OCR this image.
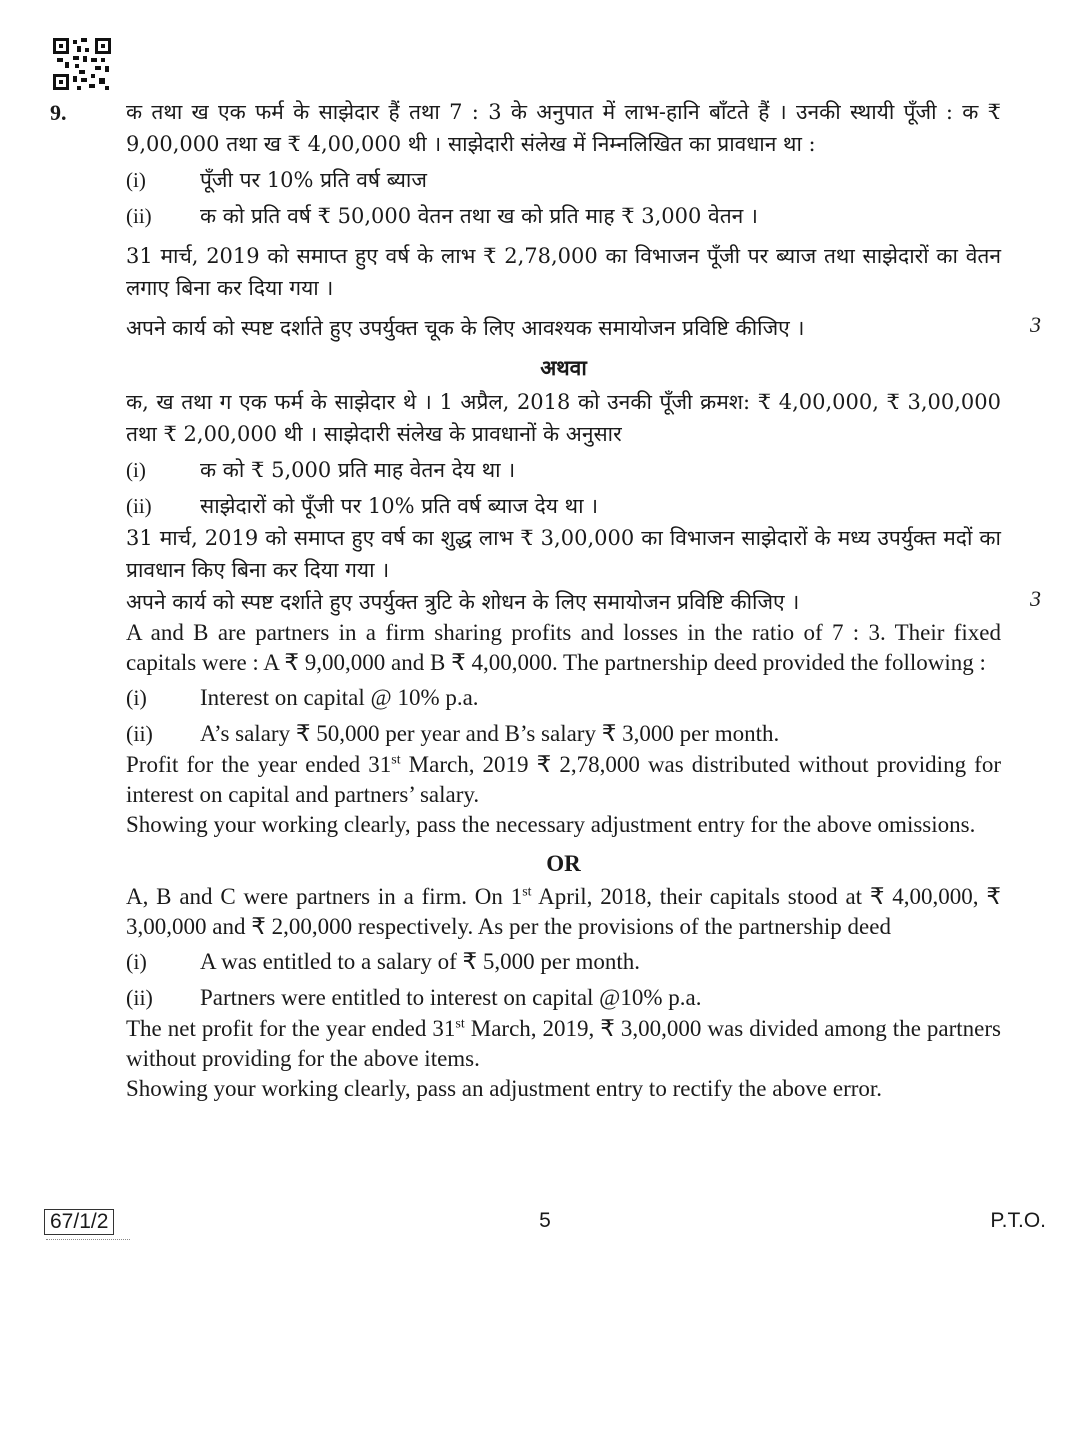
9.	क तथा ख एक फर्म के साझेदार हैं तथा 7 : 3 के अनुपात में लाभ-हानि बाँटते हैं । उनकी स्थायी पूँजी : क ₹ 9,00,000 तथा ख ₹ 4,00,000 थी । साझेदारी संलेख में निम्नलिखित का प्रावधान था :

(i)	पूँजी पर 10% प्रति वर्ष ब्याज
(ii)	क को प्रति वर्ष ₹ 50,000 वेतन तथा ख को प्रति माह ₹ 3,000 वेतन ।

31 मार्च, 2019 को समाप्त हुए वर्ष के लाभ ₹ 2,78,000 का विभाजन पूँजी पर ब्याज तथा साझेदारों का वेतन लगाए बिना कर दिया गया ।

अपने कार्य को स्पष्ट दर्शाते हुए उपर्युक्त चूक के लिए आवश्यक समायोजन प्रविष्टि कीजिए ।	3
अथवा

क, ख तथा ग एक फर्म के साझेदार थे । 1 अप्रैल, 2018 को उनकी पूँजी क्रमश: ₹ 4,00,000, ₹ 3,00,000 तथा ₹ 2,00,000 थी । साझेदारी संलेख के प्रावधानों के अनुसार

(i)	क को ₹ 5,000 प्रति माह वेतन देय था ।
(ii)	साझेदारों को पूँजी पर 10% प्रति वर्ष ब्याज देय था ।

31 मार्च, 2019 को समाप्त हुए वर्ष का शुद्ध लाभ ₹ 3,00,000 का विभाजन साझेदारों के मध्य उपर्युक्त मदों का प्रावधान किए बिना कर दिया गया ।

अपने कार्य को स्पष्ट दर्शाते हुए उपर्युक्त त्रुटि के शोधन के लिए समायोजन प्रविष्टि कीजिए ।	3

A and B are partners in a firm sharing profits and losses in the ratio of 7 : 3. Their fixed capitals were : A ₹ 9,00,000 and B ₹ 4,00,000. The partnership deed provided the following :

(i)	Interest on capital @ 10% p.a.
(ii)	A’s salary ₹ 50,000 per year and B’s salary ₹ 3,000 per month.

Profit for the year ended 31st March, 2019 ₹ 2,78,000 was distributed without providing for interest on capital and partners’ salary.

Showing your working clearly, pass the necessary adjustment entry for the above omissions.

OR

A, B and C were partners in a firm. On 1st April, 2018, their capitals stood at ₹ 4,00,000, ₹ 3,00,000 and ₹ 2,00,000 respectively. As per the provisions of the partnership deed

(i)	A was entitled to a salary of ₹ 5,000 per month.
(ii)	Partners were entitled to interest on capital @10% p.a.

The net profit for the year ended 31st March, 2019, ₹ 3,00,000 was divided among the partners without providing for the above items.

Showing your working clearly, pass an adjustment entry to rectify the above error.

67/1/2	5	P.T.O.
